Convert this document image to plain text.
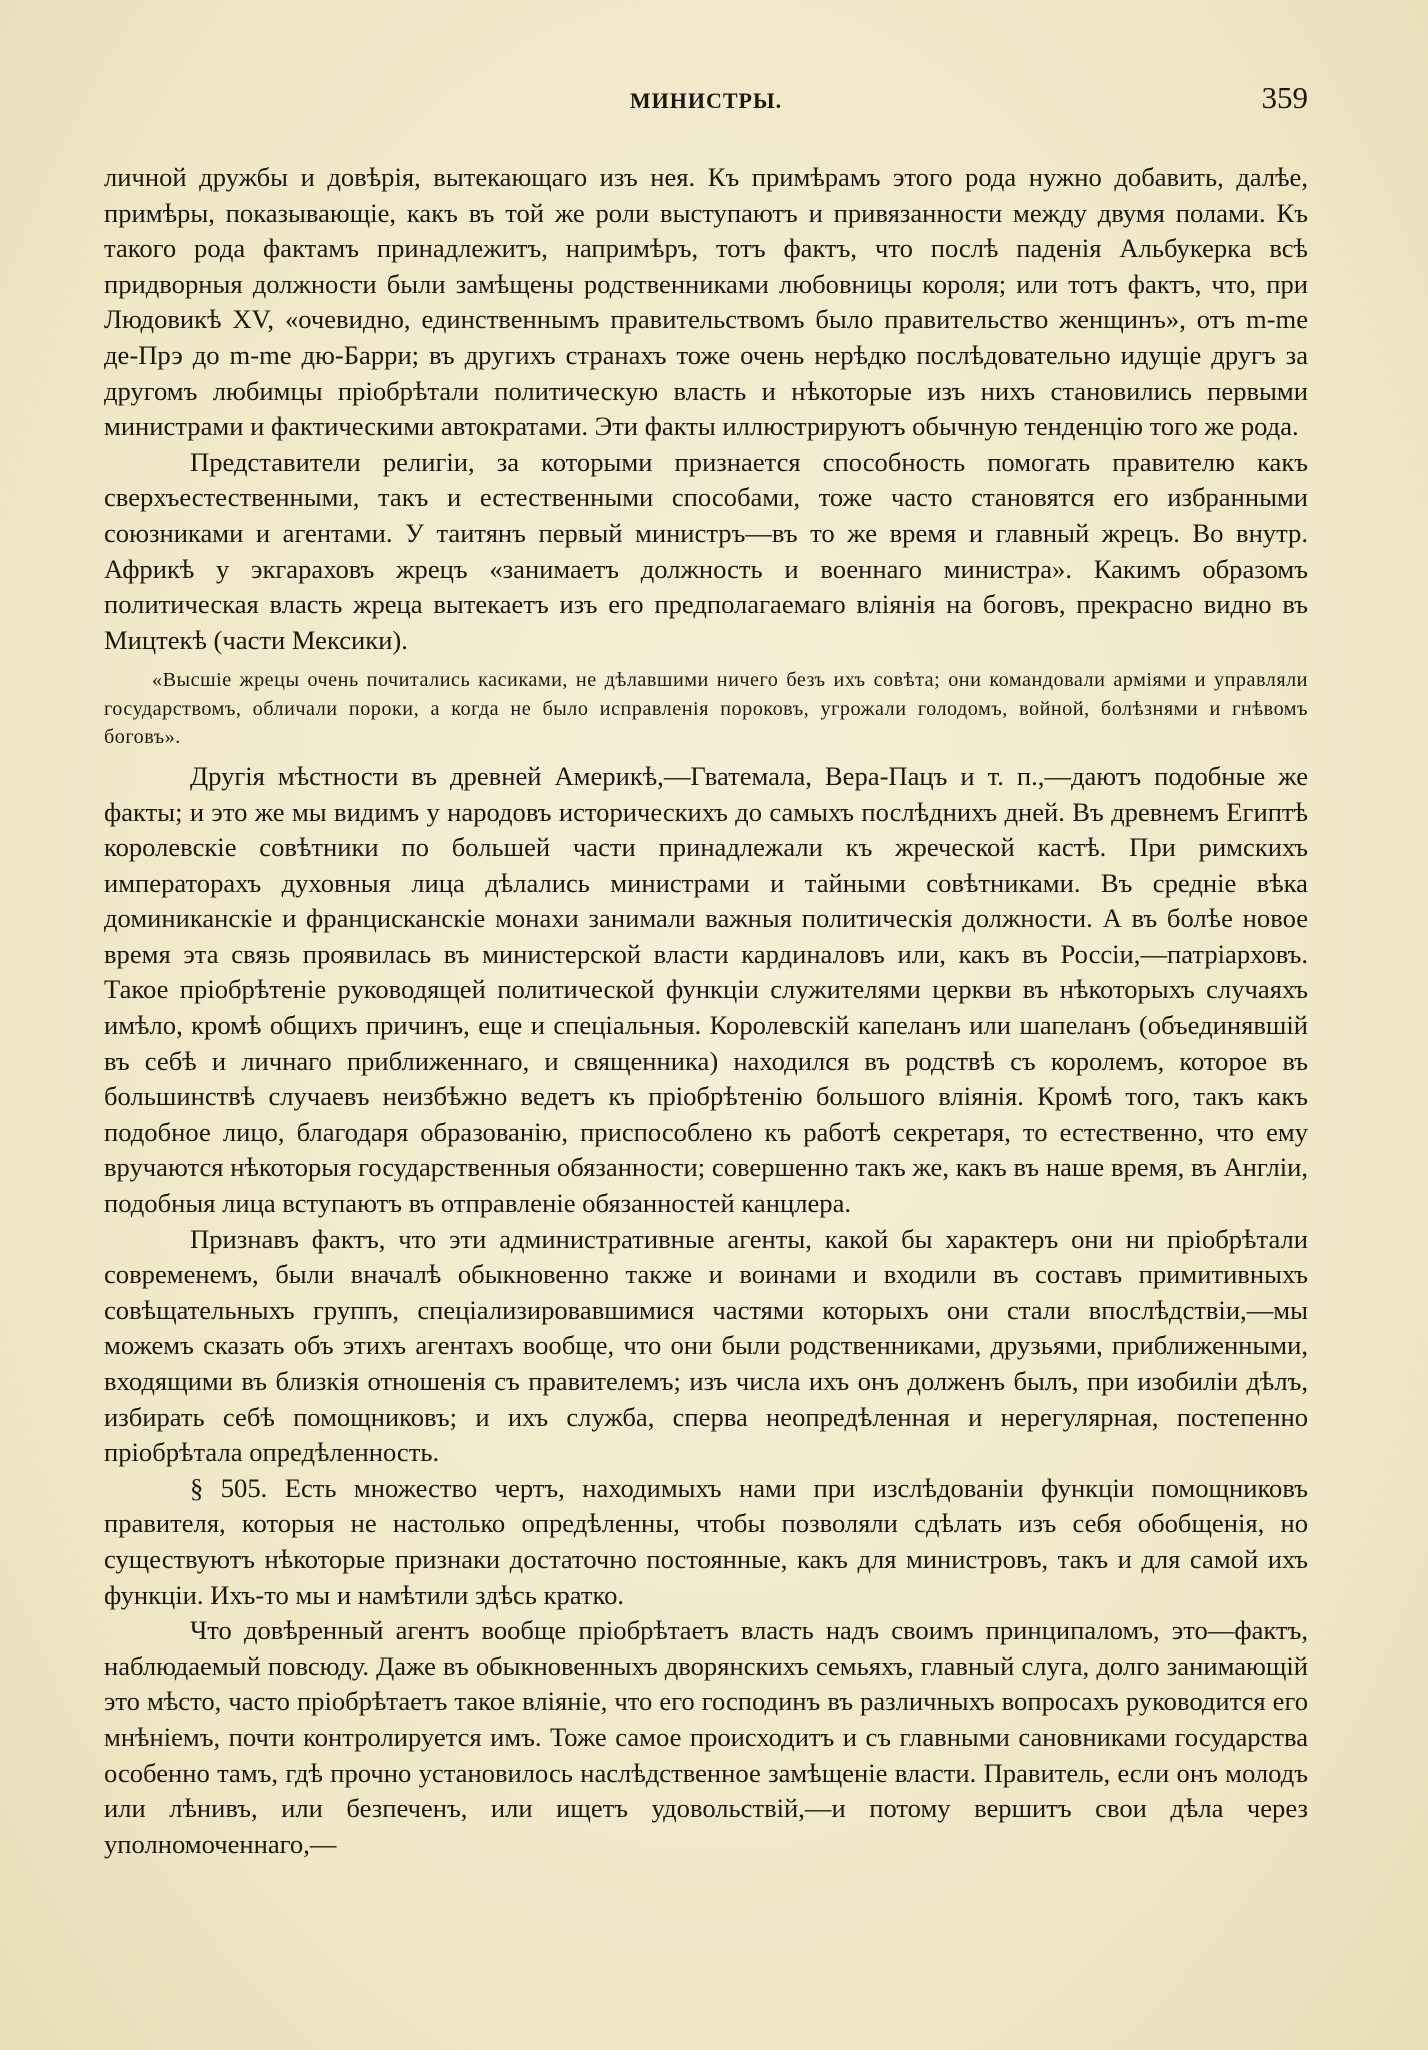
МИНИСТРЫ.	359

личной дружбы и довѣрія, вытекающаго изъ нея. Къ примѣрамъ этого рода нужно добавить, далѣе, примѣры, показывающіе, какъ въ той же роли выступаютъ и привязанности между двумя полами. Къ такого рода фактамъ принадлежитъ, напримѣръ, тотъ фактъ, что послѣ паденія Альбукерка всѣ придворныя должности были замѣщены родственниками любовницы короля; или тотъ фактъ, что, при Людовикѣ XV, «очевидно, единственнымъ правительствомъ было правительство женщинъ», отъ m-me де-Прэ до m-me дю-Барри; въ другихъ странахъ тоже очень нерѣдко послѣдовательно идущіе другъ за другомъ любимцы пріобрѣтали политическую власть и нѣкоторые изъ нихъ становились первыми министрами и фактическими автократами. Эти факты иллюстрируютъ обычную тенденцію того же рода.

Представители религіи, за которыми признается способность помогать правителю какъ сверхъестественными, такъ и естественными способами, тоже часто становятся его избранными союзниками и агентами. У таитянъ первый министръ—въ то же время и главный жрецъ. Во внутр. Африкѣ у экгараховъ жрецъ «занимаетъ должность и военнаго министра». Какимъ образомъ политическая власть жреца вытекаетъ изъ его предполагаемаго вліянія на боговъ, прекрасно видно въ Мицтекѣ (части Мексики).

«Высшіе жрецы очень почитались касиками, не дѣлавшими ничего безъ ихъ совѣта; они командовали арміями и управляли государствомъ, обличали пороки, а когда не было исправленія пороковъ, угрожали голодомъ, войной, болѣзнями и гнѣвомъ боговъ».

Другія мѣстности въ древней Америкѣ,—Гватемала, Вера-Пацъ и т. п.,—даютъ подобные же факты; и это же мы видимъ у народовъ историческихъ до самыхъ послѣднихъ дней. Въ древнемъ Египтѣ королевскіе совѣтники по большей части принадлежали къ жреческой кастѣ. При римскихъ императорахъ духовныя лица дѣлались министрами и тайными совѣтниками. Въ средніе вѣка доминиканскіе и францисканскіе монахи занимали важныя политическія должности. А въ болѣе новое время эта связь проявилась въ министерской власти кардиналовъ или, какъ въ Россіи,—патріарховъ. Такое пріобрѣтеніе руководящей политической функціи служителями церкви въ нѣкоторыхъ случаяхъ имѣло, кромѣ общихъ причинъ, еще и спеціальныя. Королевскій капеланъ или шапеланъ (объединявшій въ себѣ и личнаго приближеннаго, и священника) находился въ родствѣ съ королемъ, которое въ большинствѣ случаевъ неизбѣжно ведетъ къ пріобрѣтенію большого вліянія. Кромѣ того, такъ какъ подобное лицо, благодаря образованію, приспособлено къ работѣ секретаря, то естественно, что ему вручаются нѣкоторыя государственныя обязанности; совершенно такъ же, какъ въ наше время, въ Англіи, подобныя лица вступаютъ въ отправленіе обязанностей канцлера.

Признавъ фактъ, что эти административные агенты, какой бы характеръ они ни пріобрѣтали современемъ, были вначалѣ обыкновенно также и воинами и входили въ составъ примитивныхъ совѣщательныхъ группъ, спеціализировавшимися частями которыхъ они стали впослѣдствіи,—мы можемъ сказать объ этихъ агентахъ вообще, что они были родственниками, друзьями, приближенными, входящими въ близкія отношенія съ правителемъ; изъ числа ихъ онъ долженъ былъ, при изобиліи дѣлъ, избирать себѣ помощниковъ; и ихъ служба, сперва неопредѣленная и нерегулярная, постепенно пріобрѣтала опредѣленность.

§ 505. Есть множество чертъ, находимыхъ нами при изслѣдованіи функціи помощниковъ правителя, которыя не настолько опредѣленны, чтобы позволяли сдѣлать изъ себя обобщенія, но существуютъ нѣкоторые признаки достаточно постоянные, какъ для министровъ, такъ и для самой ихъ функціи. Ихъ-то мы и намѣтили здѣсь кратко.

Что довѣренный агентъ вообще пріобрѣтаетъ власть надъ своимъ принципаломъ, это—фактъ, наблюдаемый повсюду. Даже въ обыкновенныхъ дворянскихъ семьяхъ, главный слуга, долго занимающій это мѣсто, часто пріобрѣтаетъ такое вліяніе, что его господинъ въ различныхъ вопросахъ руководится его мнѣніемъ, почти контролируется имъ. Тоже самое происходитъ и съ главными сановниками государства особенно тамъ, гдѣ прочно установилось наслѣдственное замѣщеніе власти. Правитель, если онъ молодъ или лѣнивъ, или безпеченъ, или ищетъ удовольствій,—и потому вершитъ свои дѣла через уполномоченнаго,—
